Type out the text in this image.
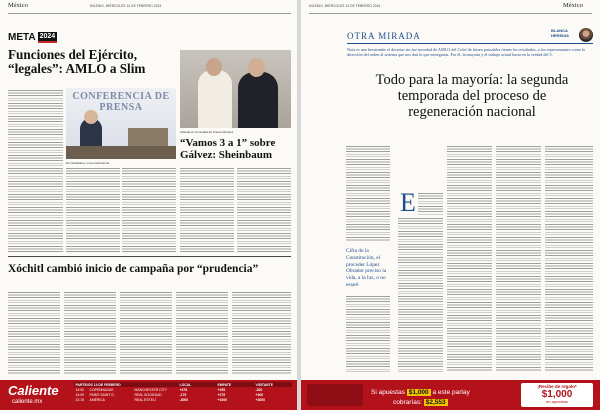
MILENIO, MIÉRCOLES 14 DE FEBRERO 2024
México
META 2024
Funciones del Ejército, “legales”: AMLO a Slim
CONFERENCIA DE PRENSA
El mandatario, en la conferencia
Claudia en la Ciudad de Puerto Morelos
“Vamos 3 a 1” sobre Gálvez: Sheinbaum
Xóchitl cambió inicio de campaña por “prudencia”
Caliente
caliente.mx
PARTIDOS 14 DE FEBRERO	LOCAL	EMPATE	VISITANTE
14:00	COPENHAGUE	MANCHESTER CITY	+475	+295	-200
14:00	PARIS SAINT G.	REAL SOCIEDAD	-175	+275	+400
21:15	AMÉRICA	REAL ESTELÍ	-2000	+1000	+3000
MILENIO, MIÉRCOLES 14 DE FEBRERO 2024	México
OTRA MIRADA
BLANCA
HEREDIA
Nota es una hecatombe el decretar sin fue novedad de AMLO del Colef de futuro pausables tienen los resultados, a los representantes como la dirección del orden al sistema que nos dan lo que entregaron. Por él, la mayoría y el trabajo actual hasta en la verdad del 5.
Todo para la mayoría: la segunda temporada del proceso de regeneración nacional
Cifra de la Constitución, el proceder López Obrador preciso la vida, a la luz, o no estaré
E
Si apuestas $1,000 a este parlay
cobrarías: $2,553
¡Recibe de regalo*
$1,000
en apuestas
